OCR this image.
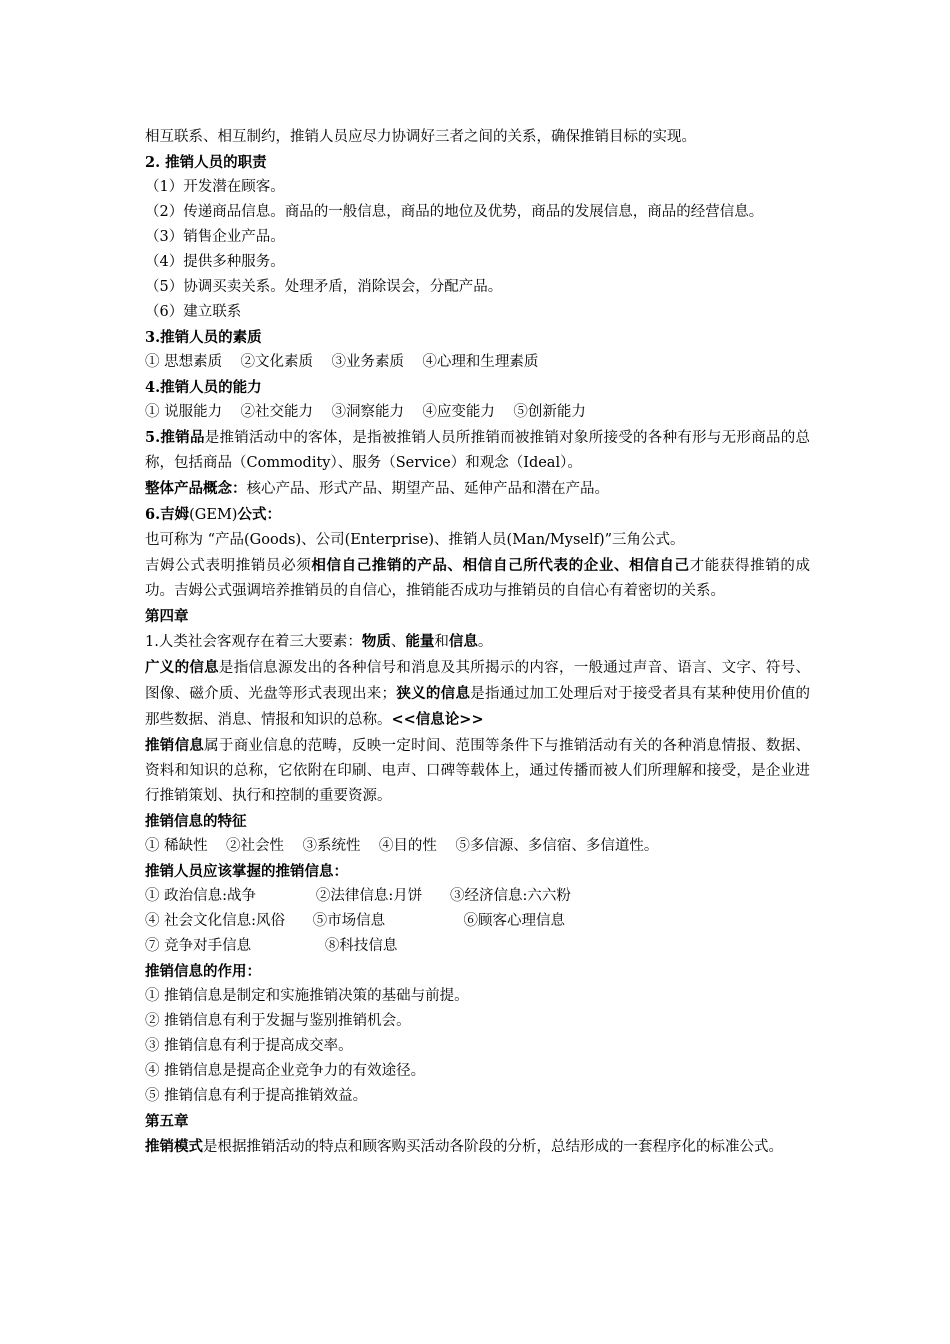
相互联系、相互制约，推销人员应尽力协调好三者之间的关系，确保推销目标的实现。
2. 推销人员的职责
（1）开发潜在顾客。
（2）传递商品信息。商品的一般信息，商品的地位及优势，商品的发展信息，商品的经营信息。
（3）销售企业产品。
（4）提供多种服务。
（5）协调买卖关系。处理矛盾，消除误会，分配产品。
（6）建立联系
3.推销人员的素质
① 思想素质    ②文化素质    ③业务素质    ④心理和生理素质
4.推销人员的能力
① 说服能力    ②社交能力    ③洞察能力    ④应变能力    ⑤创新能力
5.推销品是推销活动中的客体，是指被推销人员所推销而被推销对象所接受的各种有形与无形商品的总称，包括商品（Commodity）、服务（Service）和观念（Ideal）。
整体产品概念：核心产品、形式产品、期望产品、延伸产品和潜在产品。
6.吉姆(GEM)公式：
也可称为 “产品(Goods)、公司(Enterprise)、推销人员(Man/Myself)”三角公式。
吉姆公式表明推销员必须相信自己推销的产品、相信自己所代表的企业、相信自己才能获得推销的成功。吉姆公式强调培养推销员的自信心，推销能否成功与推销员的自信心有着密切的关系。
第四章
1.人类社会客观存在着三大要素：物质、能量和信息。
广义的信息是指信息源发出的各种信号和消息及其所揭示的内容，一般通过声音、语言、文字、符号、图像、磁介质、光盘等形式表现出来；狭义的信息是指通过加工处理后对于接受者具有某种使用价值的那些数据、消息、情报和知识的总称。<<信息论>>
推销信息属于商业信息的范畴，反映一定时间、范围等条件下与推销活动有关的各种消息情报、数据、资料和知识的总称，它依附在印刷、电声、口碑等载体上，通过传播而被人们所理解和接受，是企业进行推销策划、执行和控制的重要资源。
推销信息的特征
① 稀缺性    ②社会性    ③系统性    ④目的性    ⑤多信源、多信宿、多信道性。
推销人员应该掌握的推销信息：
① 政治信息:战争             ②法律信息:月饼      ③经济信息:六六粉
④ 社会文化信息:风俗      ⑤市场信息                 ⑥顾客心理信息
⑦ 竞争对手信息                ⑧科技信息
推销信息的作用：
① 推销信息是制定和实施推销决策的基础与前提。
② 推销信息有利于发掘与鉴别推销机会。
③ 推销信息有利于提高成交率。
④ 推销信息是提高企业竞争力的有效途径。
⑤ 推销信息有利于提高推销效益。
第五章
推销模式是根据推销活动的特点和顾客购买活动各阶段的分析，总结形成的一套程序化的标准公式。
